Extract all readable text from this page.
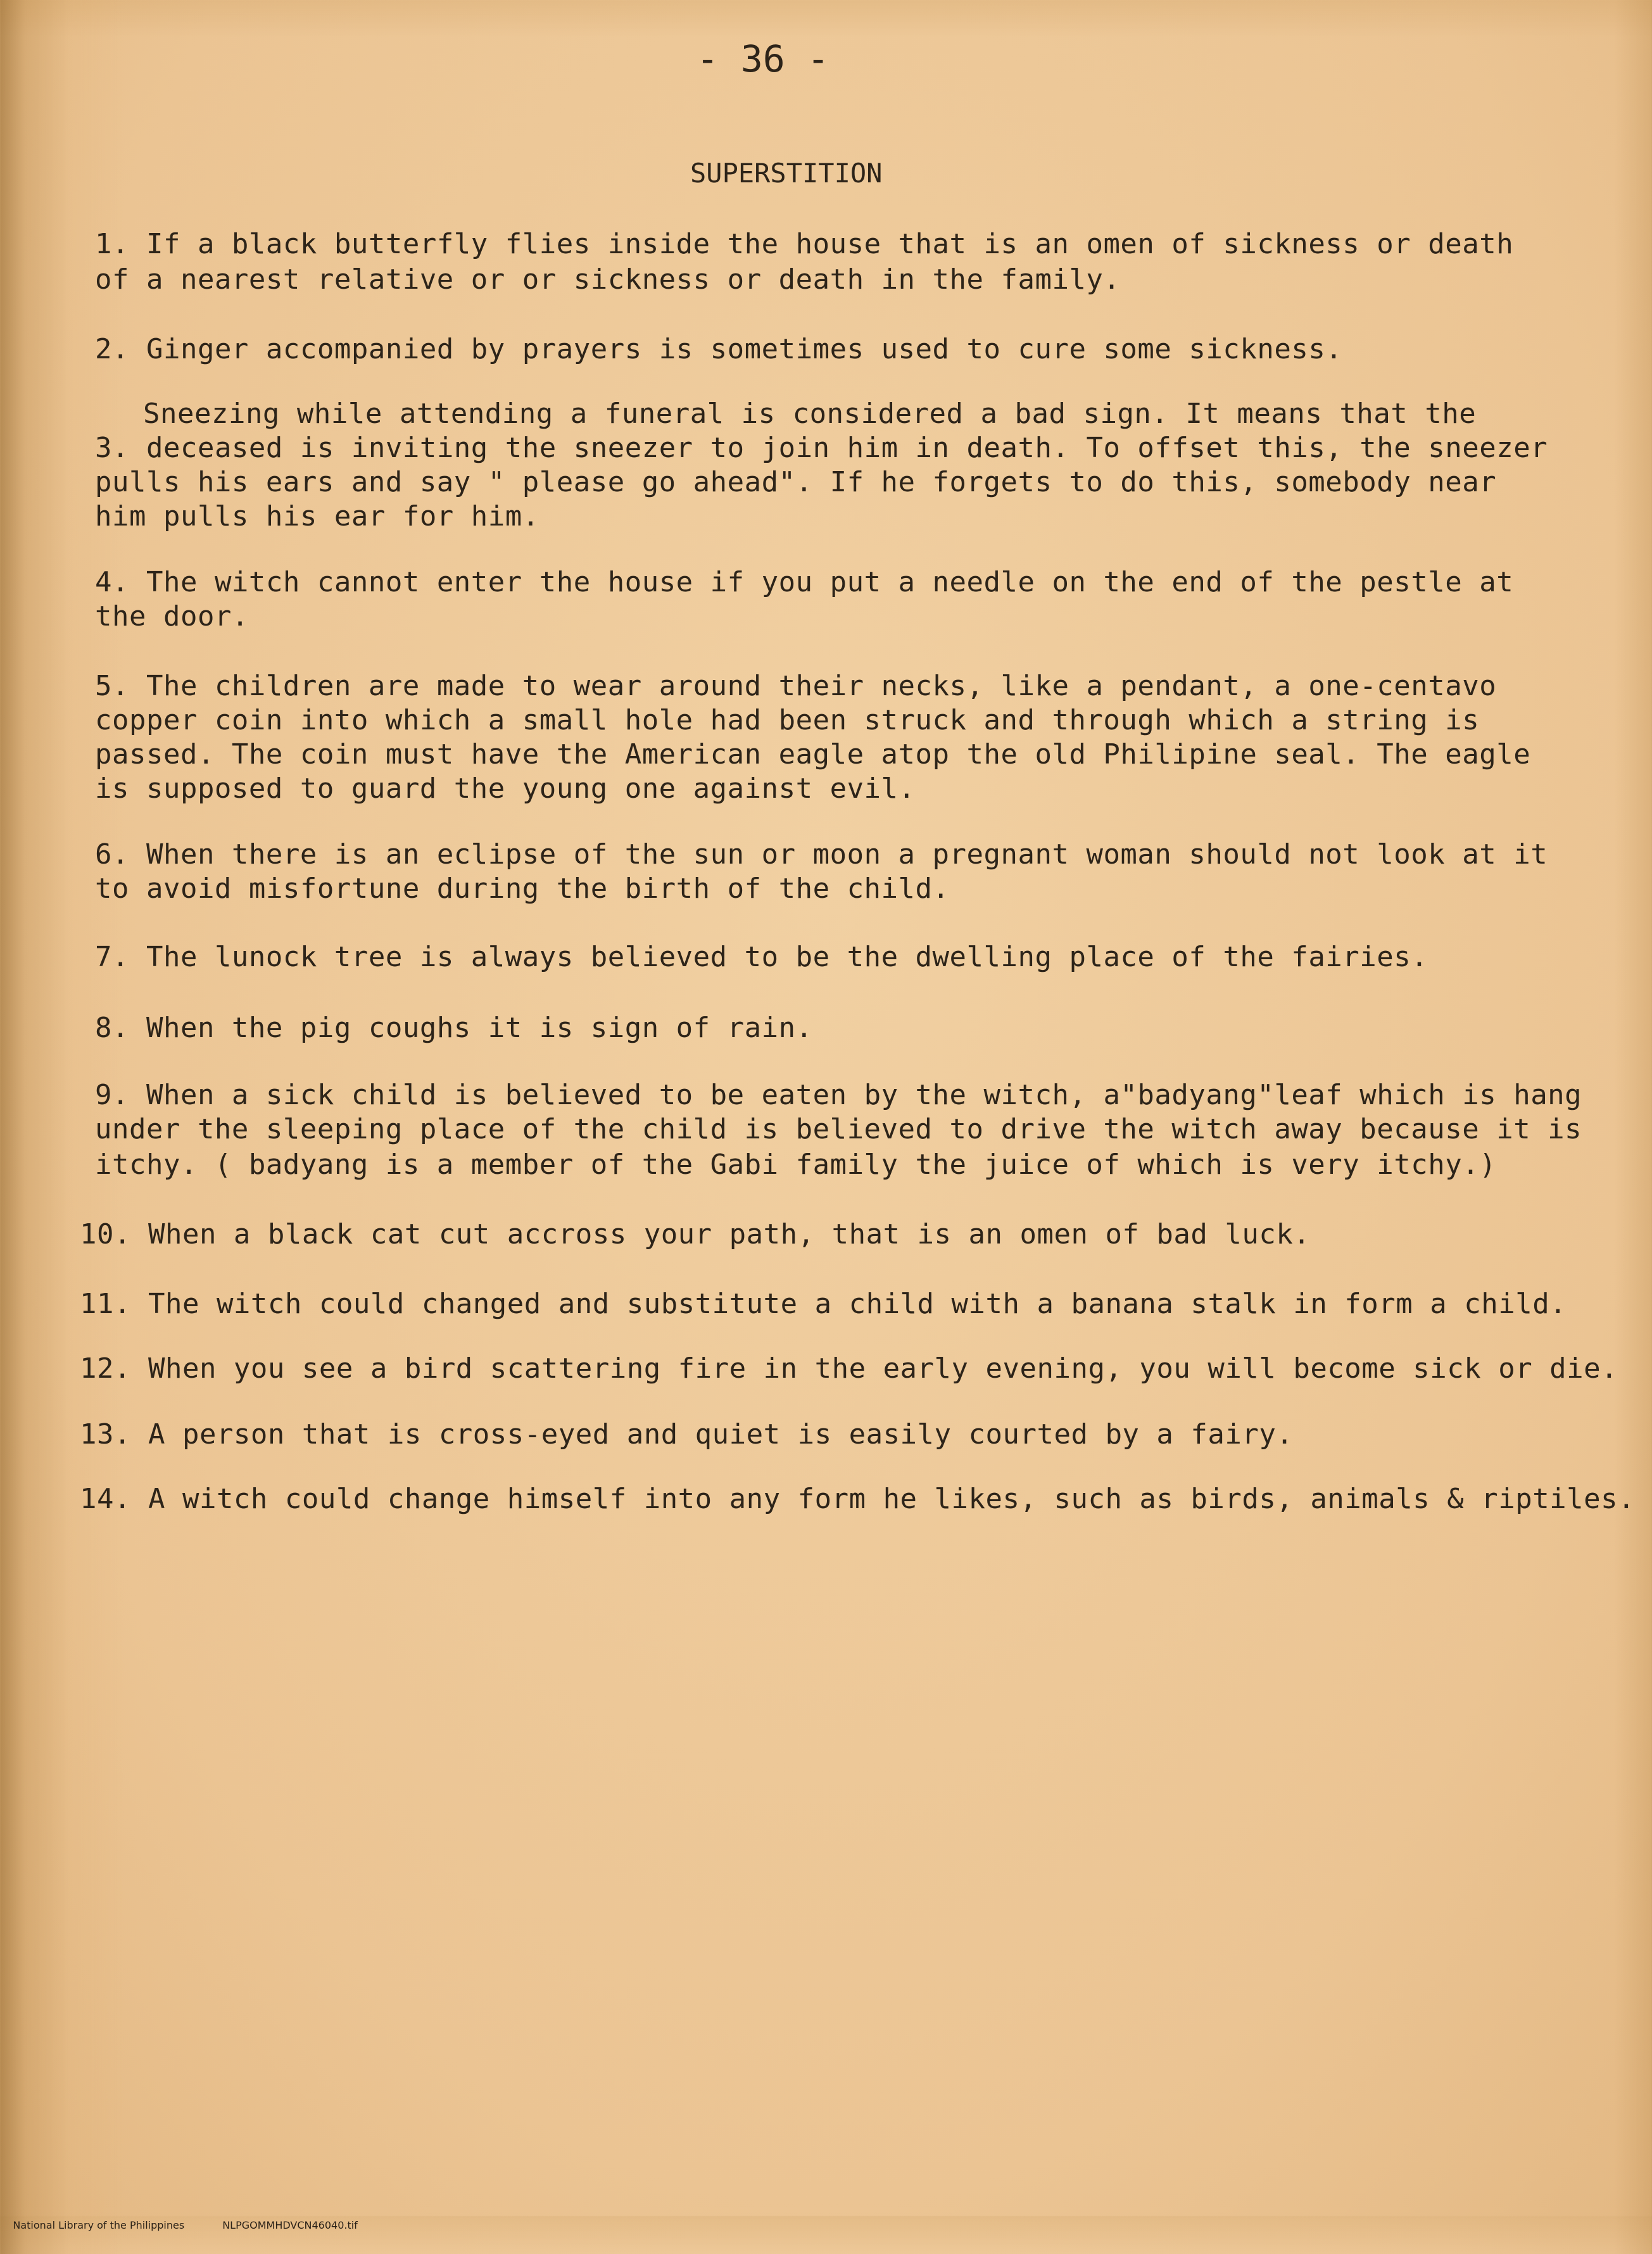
- 36 -

SUPERSTITION

1. If a black butterfly flies inside the house that is an omen of sickness or death

of a nearest relative or or sickness or death in the family.

2. Ginger accompanied by prayers is sometimes used to cure some sickness.

Sneezing while attending a funeral is considered a bad sign. It means that the

3. deceased is inviting the sneezer to join him in death. To offset this, the sneezer

pulls his ears and say " please go ahead". If he forgets to do this, somebody near

him pulls his ear for him.

4. The witch cannot enter the house if you put a needle on the end of the pestle at

the door.

5. The children are made to wear around their necks, like a pendant, a one-centavo

copper coin into which a small hole had been struck and through which a string is

passed. The coin must have the American eagle atop the old Philipine seal. The eagle

is supposed to guard the young one against evil.

6. When there is an eclipse of the sun or moon a pregnant woman should not look at it

to avoid misfortune during the birth of the child.

7. The lunock tree is always believed to be the dwelling place of the fairies.

8. When the pig coughs it is sign of rain.

9. When a sick child is believed to be eaten by the witch, a"badyang"leaf which is hang

under the sleeping place of the child is believed to drive the witch away because it is

itchy. ( badyang is a member of the Gabi family the juice of which is very itchy.)

10. When a black cat cut accross your path, that is an omen of bad luck.

11. The witch could changed and substitute a child with a banana stalk in form a child.

12. When you see a bird scattering fire in the early evening, you will become sick or die.

13. A person that is cross-eyed and quiet is easily courted by a fairy.

14. A witch could change himself into any form he likes, such as birds, animals & riptiles.

National Library of the Philippines	NLPGOMMHDVCN46040.tif
